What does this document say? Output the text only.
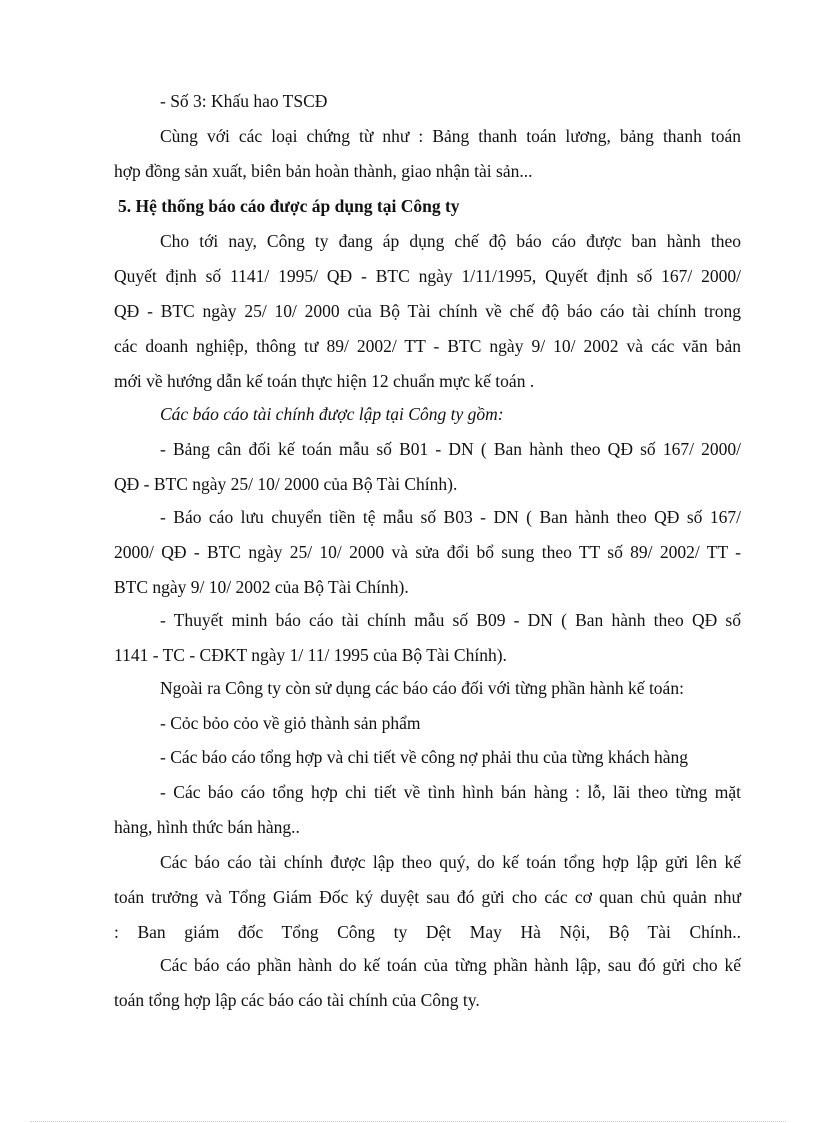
- Số 3: Khấu hao TSCĐ
Cùng với các loại chứng từ như : Bảng thanh toán lương, bảng thanh toán
hợp đồng sản xuất, biên bản hoàn thành, giao nhận tài sản...
5. Hệ thống báo cáo được áp dụng tại Công ty
Cho tới nay, Công ty đang áp dụng chế độ báo cáo được ban hành theo
Quyết định số 1141/ 1995/ QĐ - BTC ngày 1/11/1995, Quyết định số 167/ 2000/
QĐ - BTC ngày 25/ 10/ 2000 của Bộ Tài chính về chế độ báo cáo tài chính trong
các doanh nghiệp, thông tư 89/ 2002/ TT - BTC ngày 9/ 10/ 2002 và các văn bản
mới về hướng dẫn kế toán thực hiện 12 chuẩn mực kế toán .
Các báo cáo tài chính được lập tại Công ty gồm:
- Bảng cân đối kế toán mẫu số B01 - DN ( Ban hành theo QĐ số 167/ 2000/
QĐ - BTC ngày 25/ 10/ 2000 của Bộ Tài Chính).
- Báo cáo lưu chuyển tiền tệ mẫu số B03 - DN ( Ban hành theo QĐ số 167/
2000/ QĐ - BTC ngày 25/ 10/ 2000 và sửa đổi bổ sung theo TT số 89/ 2002/ TT -
BTC ngày 9/ 10/ 2002 của Bộ Tài Chính).
- Thuyết minh báo cáo tài chính mẫu số B09 - DN ( Ban hành theo QĐ số
1141 - TC - CĐKT ngày 1/ 11/ 1995 của Bộ Tài Chính).
Ngoài ra Công ty còn sử dụng các báo cáo đối với từng phần hành kế toán:
- Cỏc bỏo cỏo về giỏ thành sản phẩm
- Các báo cáo tổng hợp và chi tiết về công nợ phải thu của từng khách hàng
- Các báo cáo tổng hợp chi tiết về tình hình bán hàng : lỗ, lãi theo từng mặt
hàng, hình thức bán hàng..
Các báo cáo tài chính được lập theo quý, do kế toán tổng hợp lập gửi lên kế
toán trưởng và Tổng Giám Đốc ký duyệt sau đó gửi cho các cơ quan chủ quản như
: Ban giám đốc Tổng Công ty Dệt May Hà Nội, Bộ Tài Chính..
Các báo cáo phần hành do kế toán của từng phần hành lập, sau đó gửi cho kế
toán tổng hợp lập các báo cáo tài chính của Công ty.
